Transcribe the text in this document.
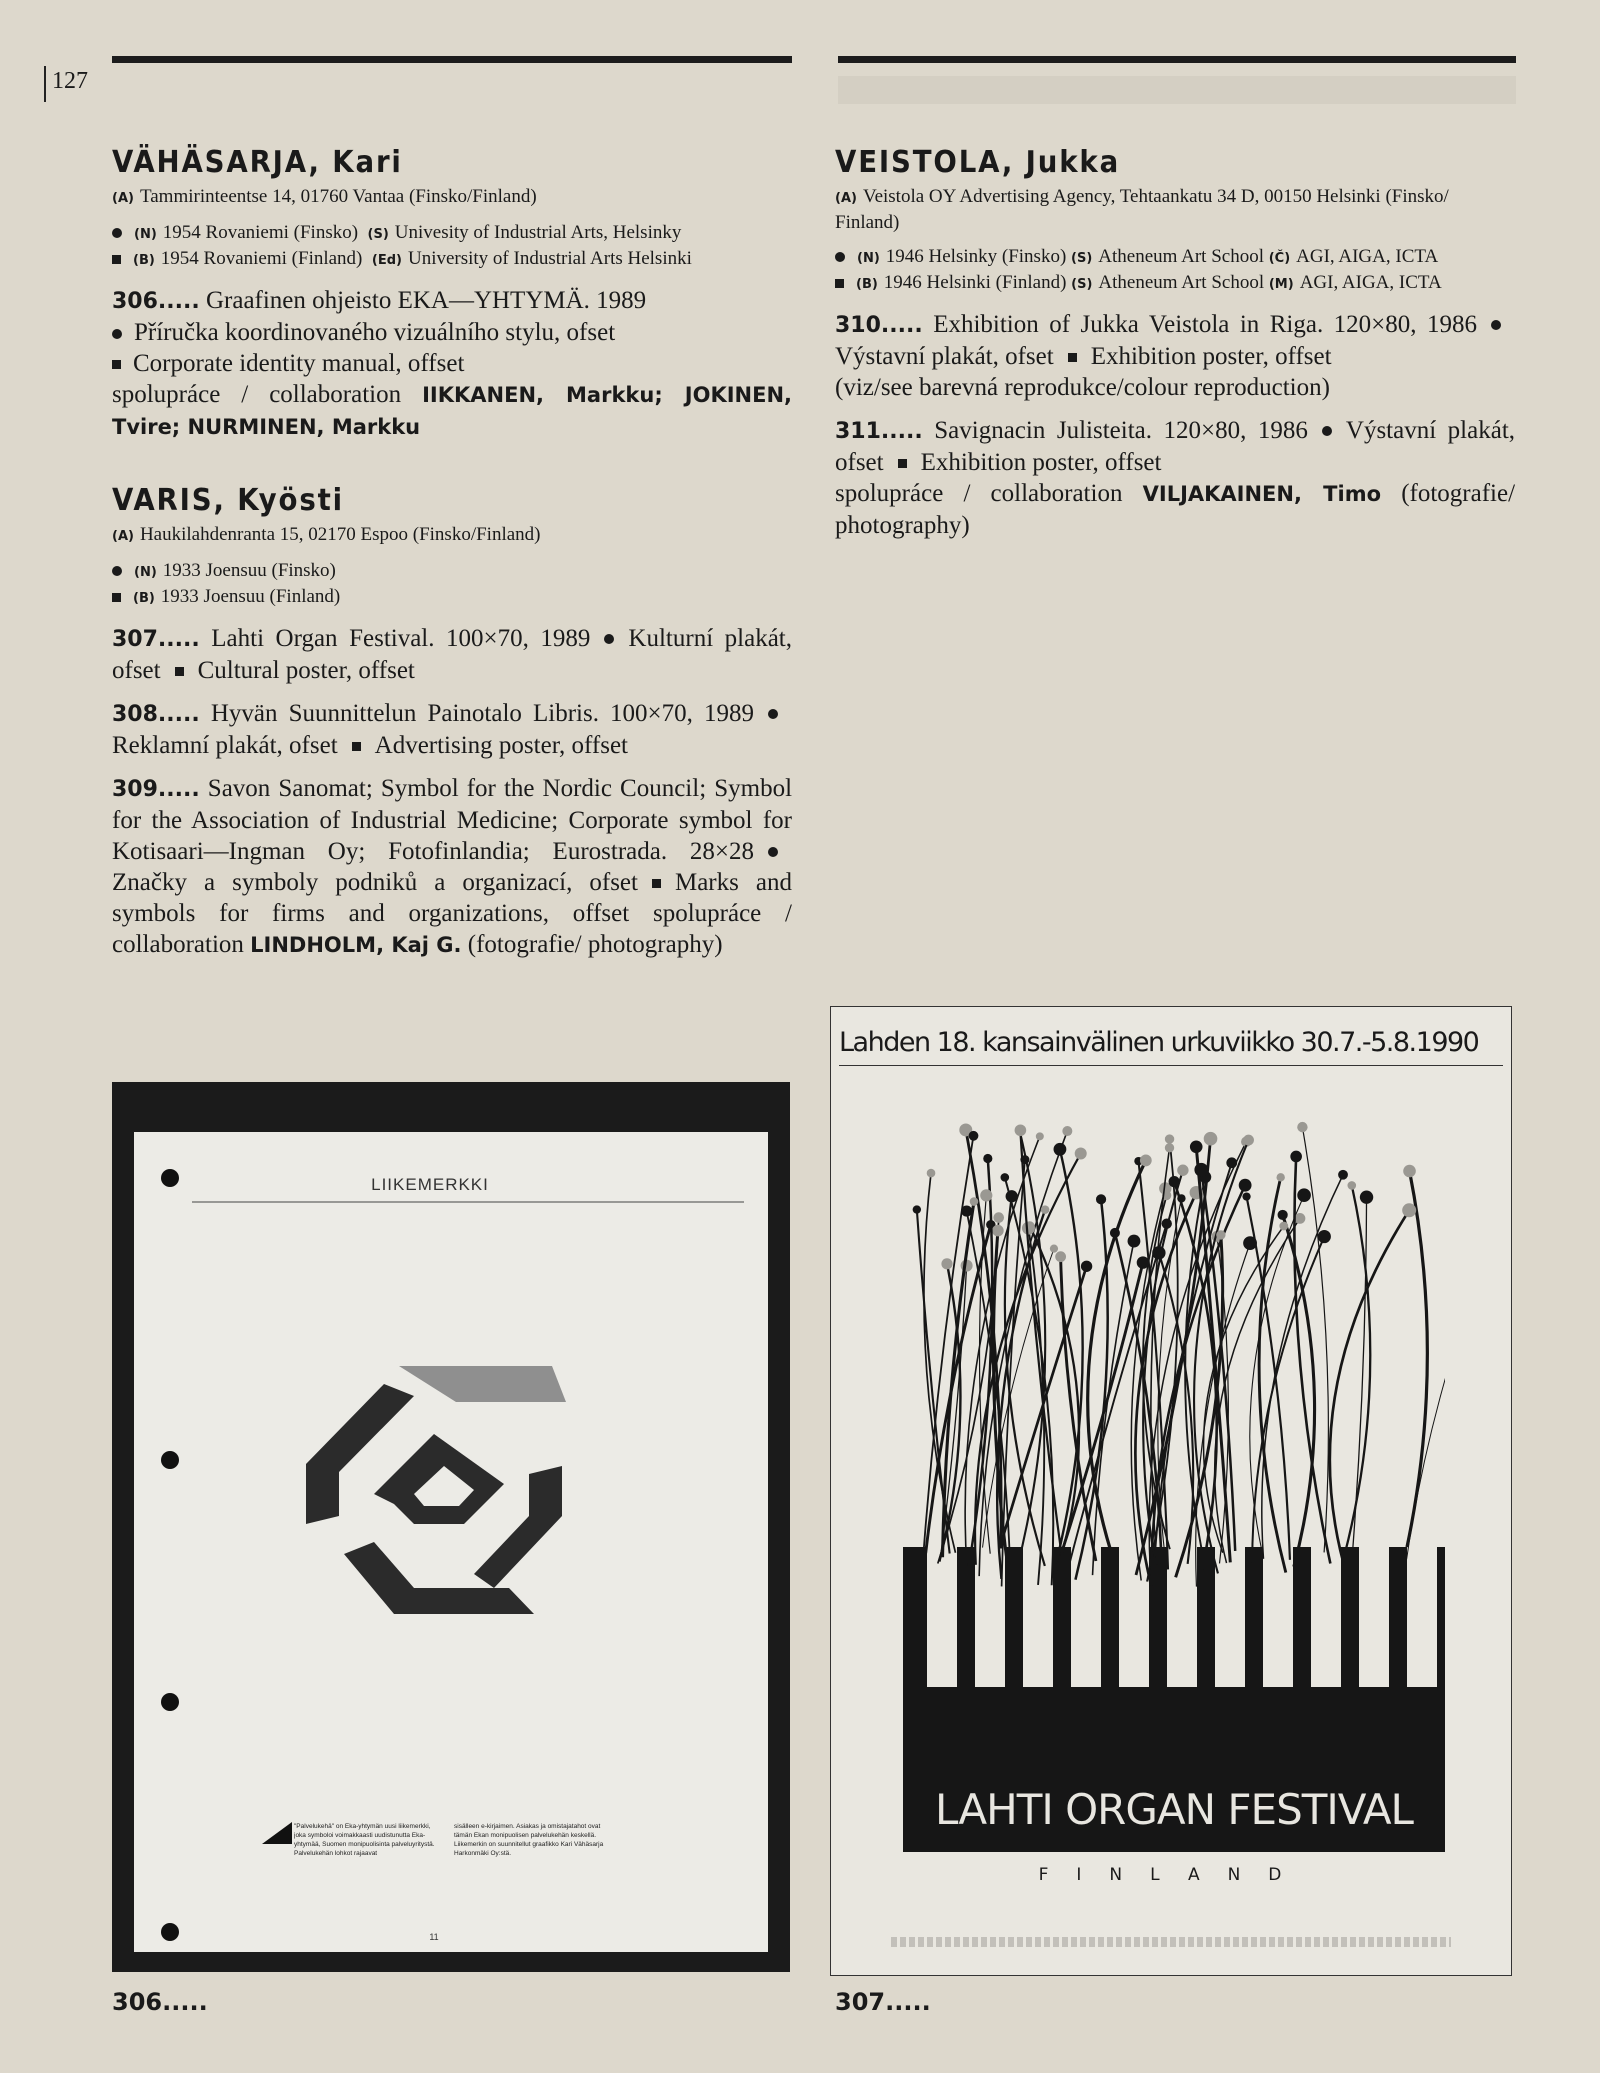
127
VÄHÄSARJA, Kari
(A) Tammirinteentse 14, 01760 Vantaa (Finsko/Finland)
(N) 1954 Rovaniemi (Finsko) (S) Univesity of Industrial Arts, Helsinky
(B) 1954 Rovaniemi (Finland) (Ed) University of Industrial Arts Helsinki
306..... Graafinen ohjeisto EKA—YHTYMÄ. 1989
Příručka koordinovaného vizuálního stylu, ofset
Corporate identity manual, offset
spolupráce / collaboration IIKKANEN, Markku; JOKINEN, Tvire; NURMINEN, Markku
VARIS, Kyösti
(A) Haukilahdenranta 15, 02170 Espoo (Finsko/Finland)
(N) 1933 Joensuu (Finsko)
(B) 1933 Joensuu (Finland)
307..... Lahti Organ Festival. 100×70, 1989 Kulturní plakát, ofset Cultural poster, offset
308..... Hyvän Suunnittelun Painotalo Libris. 100×70, 1989Reklamní plakát, ofset Advertising poster, offset
309..... Savon Sanomat; Symbol for the Nordic Council; Symbol for the Association of Industrial Medicine; Corporate symbol for Kotisaari—Ingman Oy; Fotofinlandia; Eurostrada. 28×28Značky a symboly podniků a organizací, ofset Marks and symbols for firms and organizations, offset spolupráce / collaboration LINDHOLM, Kaj G. (fotografie/ photography)
VEISTOLA, Jukka
(A) Veistola OY Advertising Agency, Tehtaankatu 34 D, 00150 Helsinki (Finsko/ Finland)
(N) 1946 Helsinky (Finsko) (S) Atheneum Art School (Č) AGI, AIGA, ICTA
(B) 1946 Helsinki (Finland) (S) Atheneum Art School (M) AGI, AIGA, ICTA
310..... Exhibition of Jukka Veistola in Riga. 120×80, 1986Výstavní plakát, ofset Exhibition poster, offset
(viz/see barevná reprodukce/colour reproduction)
311..... Savignacin Julisteita. 120×80, 1986 Výstavní plakát, ofset Exhibition poster, offset
spolupráce / collaboration VILJAKAINEN, Timo (fotografie/ photography)
LIIKEMERKKI
"Palvelukehä" on Eka-yhtymän uusi liikemerkki, joka symboloi voimakkaasti uudistunutta Eka-yhtymää, Suomen monipuolisinta palveluyritystä. Palvelukehän lohkot rajaavat
sisälleen e-kirjaimen. Asiakas ja omistajatahot ovat tämän Ekan monipuolisen palvelukehän keskellä. Liikemerkin on suunnitellut graafikko Kari Vähäsarja Harkonmäki Oy:stä.
11
Lahden 18. kansainvälinen urkuviikko 30.7.-5.8.1990
LAHTI ORGAN FESTIVAL
FINLAND
306.....	307.....
